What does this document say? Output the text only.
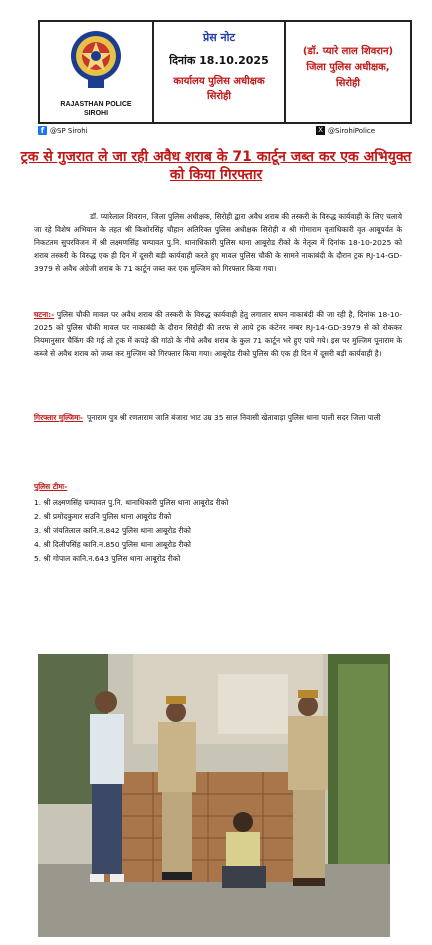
RAJASTHAN POLICE
SIROHI
प्रेस नोट
दिनांक 18.10.2025
कार्यालय पुलिस अधीक्षक सिरोही
(डॉ. प्यारे लाल शिवरान)
जिला पुलिस अधीक्षक,
सिरोही
f @SP Sirohi	X @SirohiPolice
ट्रक से गुजरात ले जा रही अवैध शराब के 71 कार्टून जब्त कर एक अभियुक्त को किया गिरफ्तार
डॉ. प्यारेलाल शिवरान, जिला पुलिस अधीक्षक, सिरोही द्वारा अवैध शराब की तस्करी के विरुद्ध कार्यवाही के लिए चलाये जा रहे विशेष अभियान के तहत श्री किशोरसिंह चौहान अतिरिक्त पुलिस अधीक्षक सिरोही व श्री गोमाराम वृताधिकारी वृत आबूपर्वत के निकटतम सुपरविजन में श्री लक्ष्मणसिंह चम्पावत पु.नि. थानाधिकारी पुलिस थाना आबूरोड रीको के नेतृत्व में दिनांक 18-10-2025 को शराब तस्करी के विरुद्ध एक ही दिन में दूसरी बड़ी कार्यवाही करते हुए मावल पुलिस चौकी के सामने नाकाबंदी के दौरान ट्रक RJ-14-GD-3979 से अवैध अंग्रेजी शराब के 71 कार्टून जब्त कर एक मुल्जिम को गिरफ्तार किया गया।
घटना:- पुलिस चौकी मावल पर अवैध शराब की तस्करी के विरुद्ध कार्यवाही हेतु लगातार सघन नाकाबंदी की जा रही है, दिनांक 18-10-2025 को पुलिस चौकी मावल पर नाकाबंदी के दौरान सिरोही की तरफ से आये ट्रक कंटेनर नम्बर RJ-14-GD-3979 से को रोककर नियमानुसार चैकिंग की गई तो ट्रक में कपड़े की गांठो के नीचे अवैध शराब के कुल 71 कार्टून भरे हुए पाये गये। इस पर मुल्जिम पूनाराम के कब्जे से अवैध शराब को जब्त कर मुल्जिम को गिरफ्तार किया गया। आबूरोड रीको पुलिस की एक ही दिन में दूसरी बड़ी कार्यवाही है।
गिरफ्तार मुल्जिमः- पूनाराम पुत्र श्री रणताराम जाति बंजारा भाट उम्र 35 साल निवासी खेतावाड़ा पुलिस थाना पाली सदर जिला पाली
पुलिस टीमः-
1. श्री लक्ष्मणसिंह चम्पावत पु.नि. थानाधिकारी पुलिस थाना आबूरोड रीको
2. श्री प्रमोदकुमार सउनि पुलिस थाना आबूरोड रीको
3. श्री जंयतिलाल कानि.न.842 पुलिस थाना आबूरोड रीको
4. श्री दिलीपसिंह कानि.न.850 पुलिस थाना आबूरोड रीको
5. श्री गोपाल कानि.न.643 पुलिस थाना आबूरोड रीको
